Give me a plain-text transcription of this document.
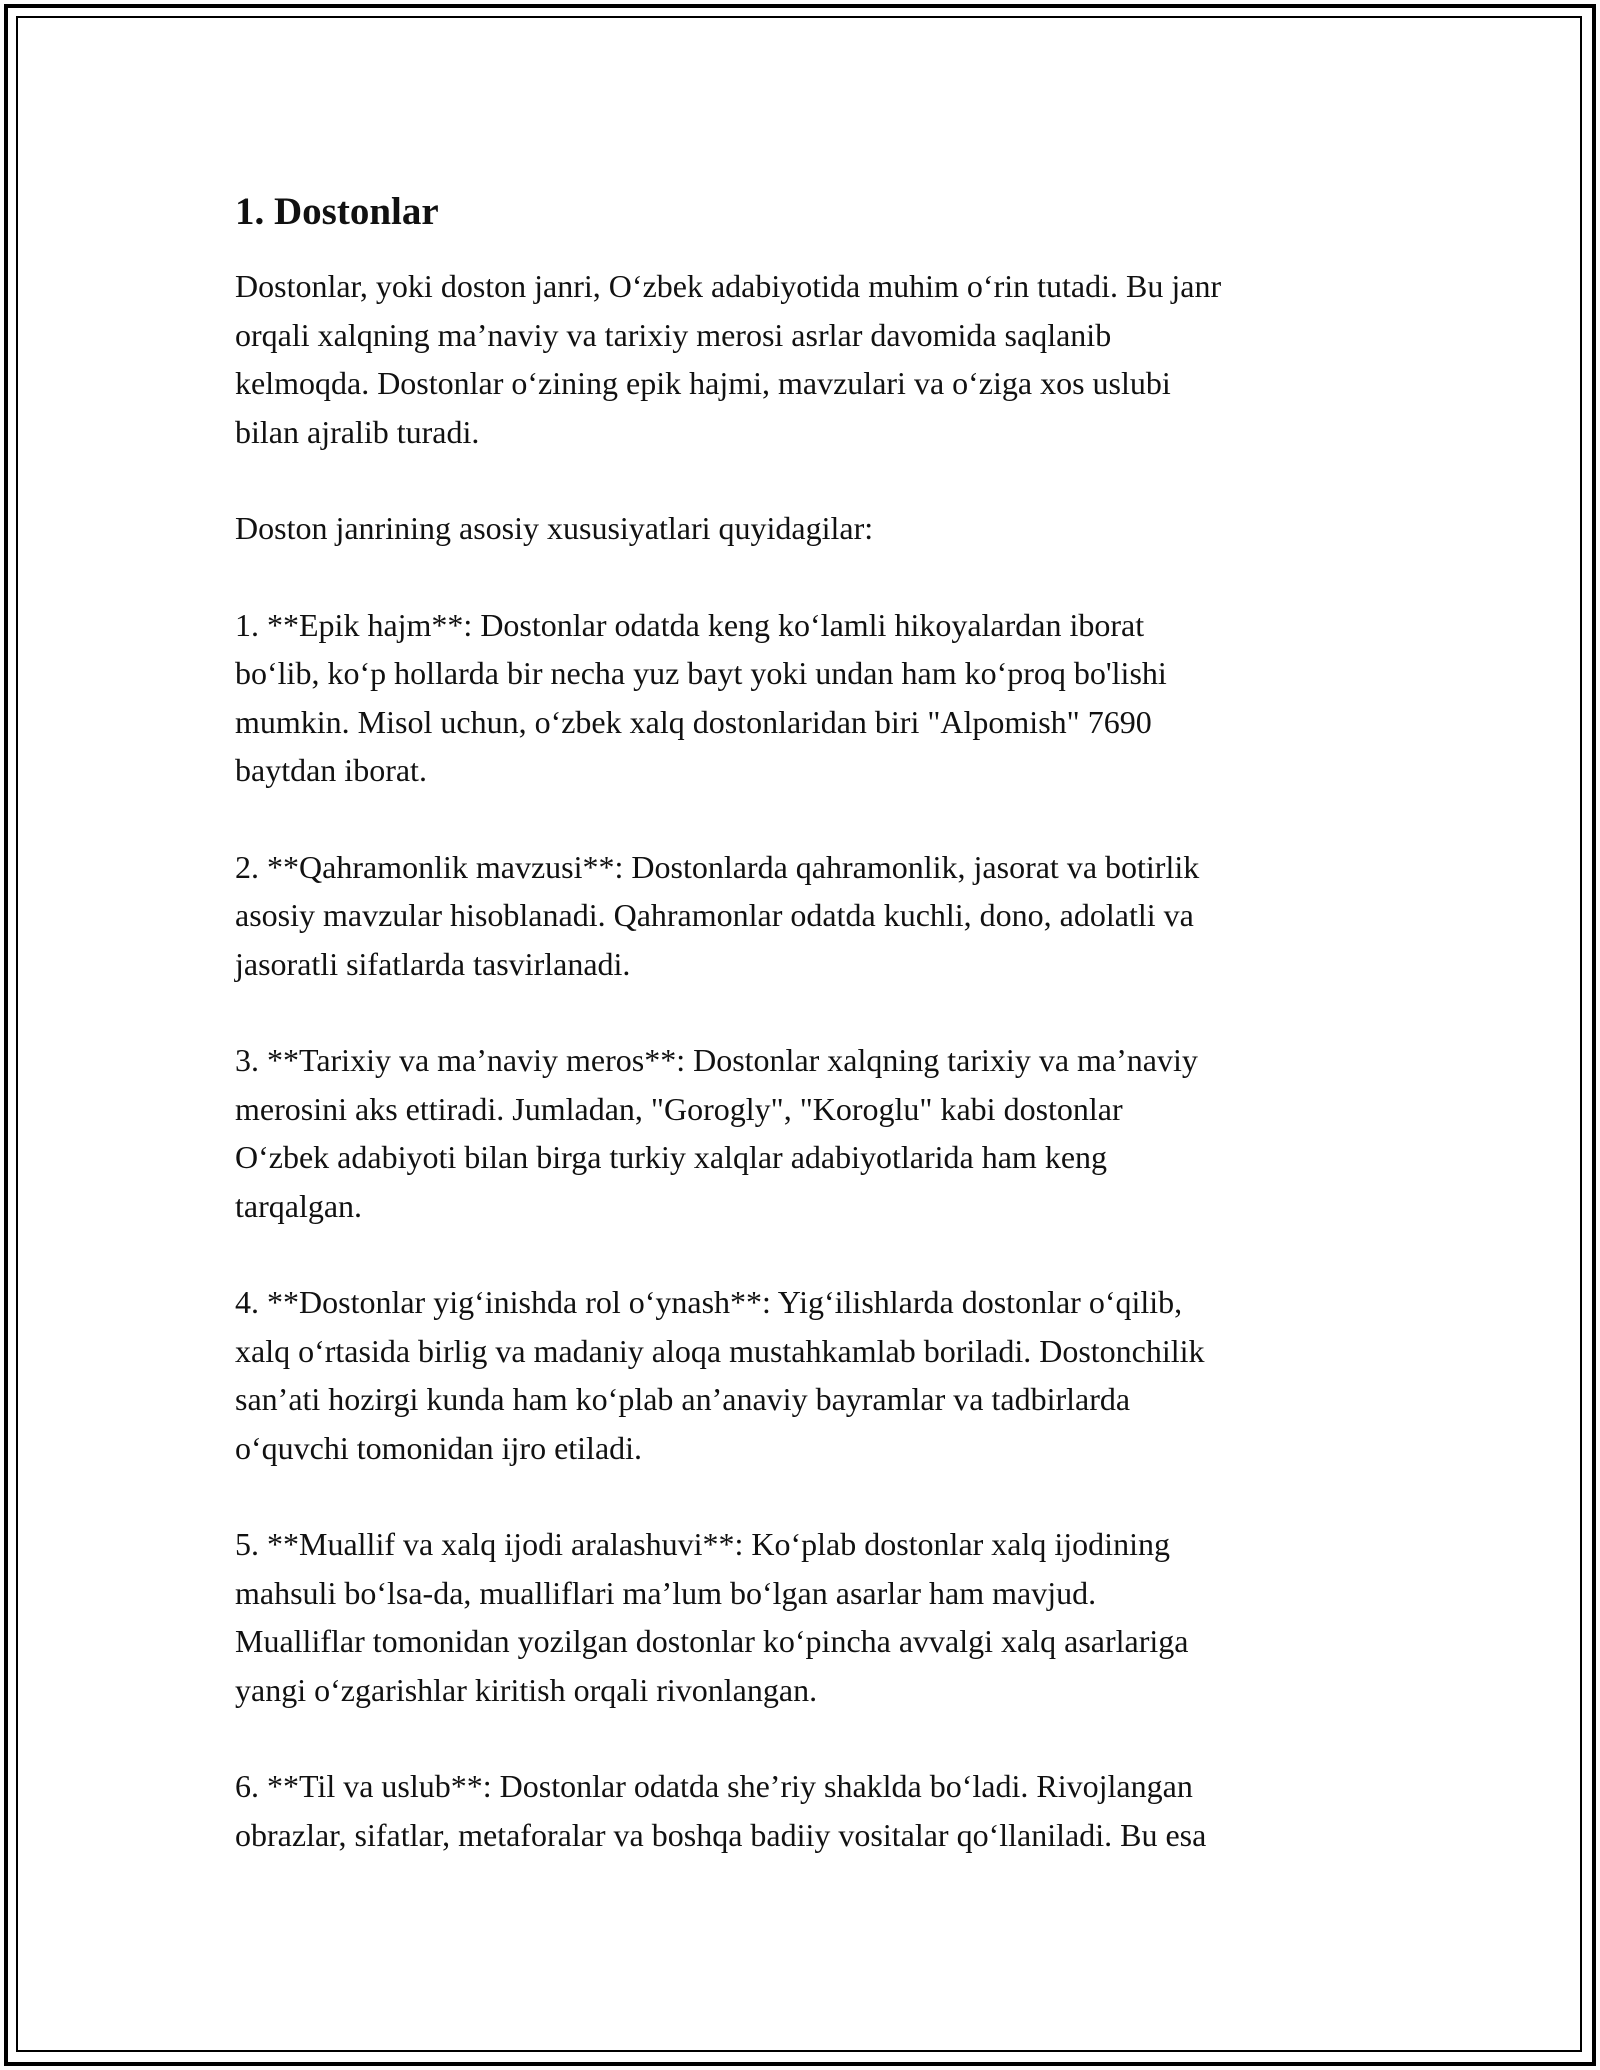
1. Dostonlar

Dostonlar, yoki doston janri, O‘zbek adabiyotida muhim o‘rin tutadi. Bu janr
orqali xalqning ma’naviy va tarixiy merosi asrlar davomida saqlanib
kelmoqda. Dostonlar o‘zining epik hajmi, mavzulari va o‘ziga xos uslubi
bilan ajralib turadi.

Doston janrining asosiy xususiyatlari quyidagilar:

1. **Epik hajm**: Dostonlar odatda keng ko‘lamli hikoyalardan iborat
bo‘lib, ko‘p hollarda bir necha yuz bayt yoki undan ham ko‘proq bo'lishi
mumkin. Misol uchun, o‘zbek xalq dostonlaridan biri "Alpomish" 7690
baytdan iborat.

2. **Qahramonlik mavzusi**: Dostonlarda qahramonlik, jasorat va botirlik
asosiy mavzular hisoblanadi. Qahramonlar odatda kuchli, dono, adolatli va
jasoratli sifatlarda tasvirlanadi.

3. **Tarixiy va ma’naviy meros**: Dostonlar xalqning tarixiy va ma’naviy
merosini aks ettiradi. Jumladan, "Gorogly", "Koroglu" kabi dostonlar
O‘zbek adabiyoti bilan birga turkiy xalqlar adabiyotlarida ham keng
tarqalgan.

4. **Dostonlar yig‘inishda rol o‘ynash**: Yig‘ilishlarda dostonlar o‘qilib,
xalq o‘rtasida birlig va madaniy aloqa mustahkamlab boriladi. Dostonchilik
san’ati hozirgi kunda ham ko‘plab an’anaviy bayramlar va tadbirlarda
o‘quvchi tomonidan ijro etiladi.

5. **Muallif va xalq ijodi aralashuvi**: Ko‘plab dostonlar xalq ijodining
mahsuli bo‘lsa-da, mualliflari ma’lum bo‘lgan asarlar ham mavjud.
Mualliflar tomonidan yozilgan dostonlar ko‘pincha avvalgi xalq asarlariga
yangi o‘zgarishlar kiritish orqali rivonlangan.

6. **Til va uslub**: Dostonlar odatda she’riy shaklda bo‘ladi. Rivojlangan
obrazlar, sifatlar, metaforalar va boshqa badiiy vositalar qo‘llaniladi. Bu esa
